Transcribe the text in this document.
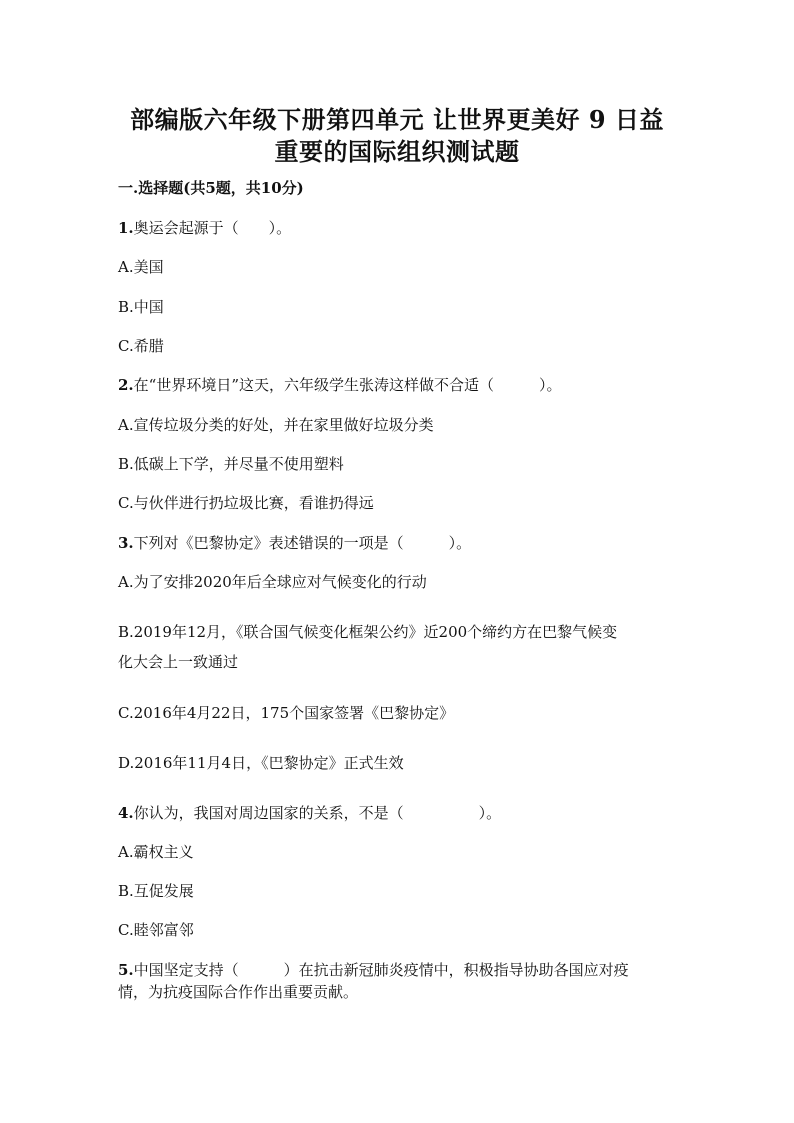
部编版六年级下册第四单元 让世界更美好 9 日益
重要的国际组织测试题
一.选择题(共5题，共10分)
1.奥运会起源于（　　）。
A.美国
B.中国
C.希腊
2.在“世界环境日”这天，六年级学生张涛这样做不合适（　　　）。
A.宣传垃圾分类的好处，并在家里做好垃圾分类
B.低碳上下学，并尽量不使用塑料
C.与伙伴进行扔垃圾比赛，看谁扔得远
3.下列对《巴黎协定》表述错误的一项是（　　　）。
A.为了安排2020年后全球应对气候变化的行动
B.2019年12月，《联合国气候变化框架公约》近200个缔约方在巴黎气候变
化大会上一致通过
C.2016年4月22日，175个国家签署《巴黎协定》
D.2016年11月4日，《巴黎协定》正式生效
4.你认为，我国对周边国家的关系，不是（　　　　　）。
A.霸权主义
B.互促发展
C.睦邻富邻
5.中国坚定支持（　　　）在抗击新冠肺炎疫情中，积极指导协助各国应对疫
情，为抗疫国际合作作出重要贡献。
